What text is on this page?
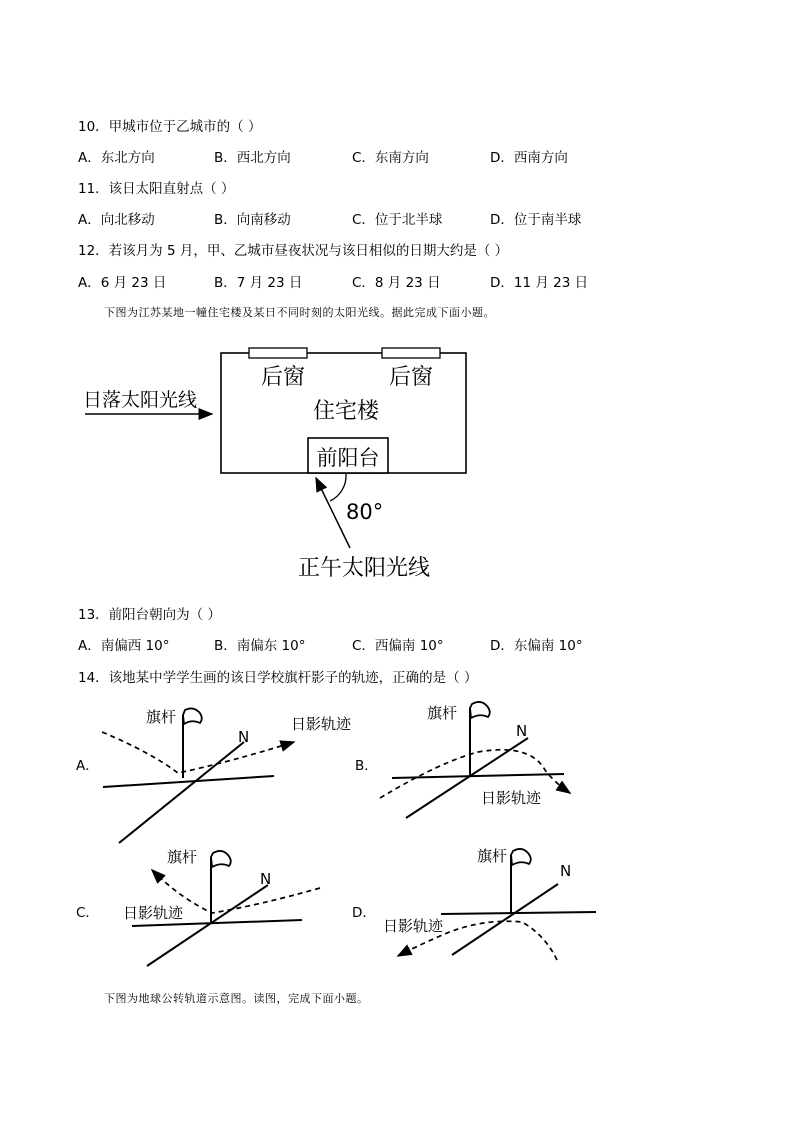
10．甲城市位于乙城市的（ ）
A．东北方向	B．西北方向	C．东南方向	D．西南方向
11．该日太阳直射点（ ）
A．向北移动	B．向南移动	C．位于北半球	D．位于南半球
12．若该月为 5 月，甲、乙城市昼夜状况与该日相似的日期大约是（ ）
A．6 月 23 日	B．7 月 23 日	C．8 月 23 日	D．11 月 23 日
下图为江苏某地一幢住宅楼及某日不同时刻的太阳光线。据此完成下面小题。
后窗	后窗
住宅楼
前阳台
日落太阳光线
80°
正午太阳光线
13．前阳台朝向为（ ）
A．南偏西 10°	B．南偏东 10°	C．西偏南 10°	D．东偏南 10°
14．该地某中学学生画的该日学校旗杆影子的轨迹，正确的是（ ）
A．	B．
C．	D．
旗杆
N
日影轨迹
旗杆
N
日影轨迹
旗杆
N
日影轨迹
旗杆
N
日影轨迹
下图为地球公转轨道示意图。读图，完成下面小题。
